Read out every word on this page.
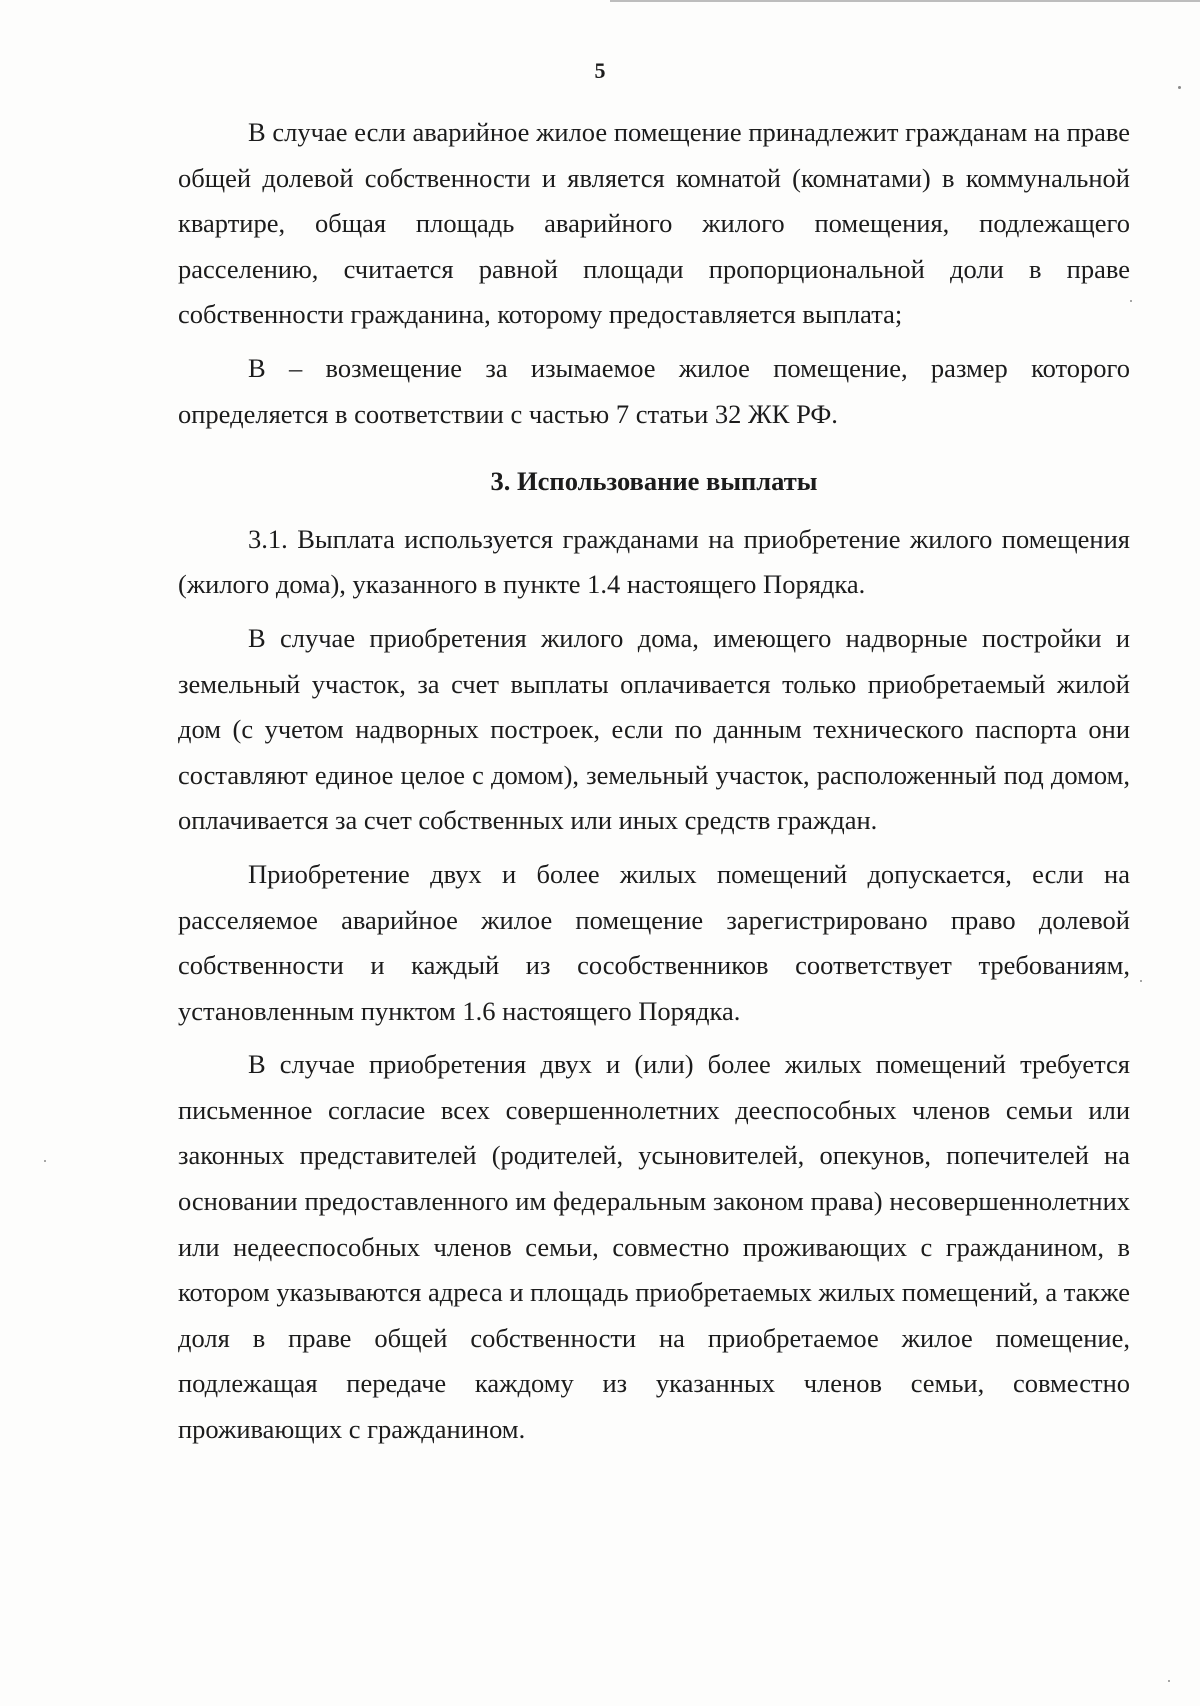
5

В случае если аварийное жилое помещение принадлежит гражданам на праве общей долевой собственности и является комнатой (комнатами) в коммунальной квартире, общая площадь аварийного жилого помещения, подлежащего расселению, считается равной площади пропорциональной доли в праве собственности гражданина, которому предоставляется выплата;

В – возмещение за изымаемое жилое помещение, размер которого определяется в соответствии с частью 7 статьи 32 ЖК РФ.

3. Использование выплаты

3.1. Выплата используется гражданами на приобретение жилого помещения (жилого дома), указанного в пункте 1.4 настоящего Порядка.

В случае приобретения жилого дома, имеющего надворные постройки и земельный участок, за счет выплаты оплачивается только приобретаемый жилой дом (с учетом надворных построек, если по данным технического паспорта они составляют единое целое с домом), земельный участок, расположенный под домом, оплачивается за счет собственных или иных средств граждан.

Приобретение двух и более жилых помещений допускается, если на расселяемое аварийное жилое помещение зарегистрировано право долевой собственности и каждый из сособственников соответствует требованиям, установленным пунктом 1.6 настоящего Порядка.

В случае приобретения двух и (или) более жилых помещений требуется письменное согласие всех совершеннолетних дееспособных членов семьи или законных представителей (родителей, усыновителей, опекунов, попечителей на основании предоставленного им федеральным законом права) несовершеннолетних или недееспособных членов семьи, совместно проживающих с гражданином, в котором указываются адреса и площадь приобретаемых жилых помещений, а также доля в праве общей собственности на приобретаемое жилое помещение, подлежащая передаче каждому из указанных членов семьи, совместно проживающих с гражданином.
